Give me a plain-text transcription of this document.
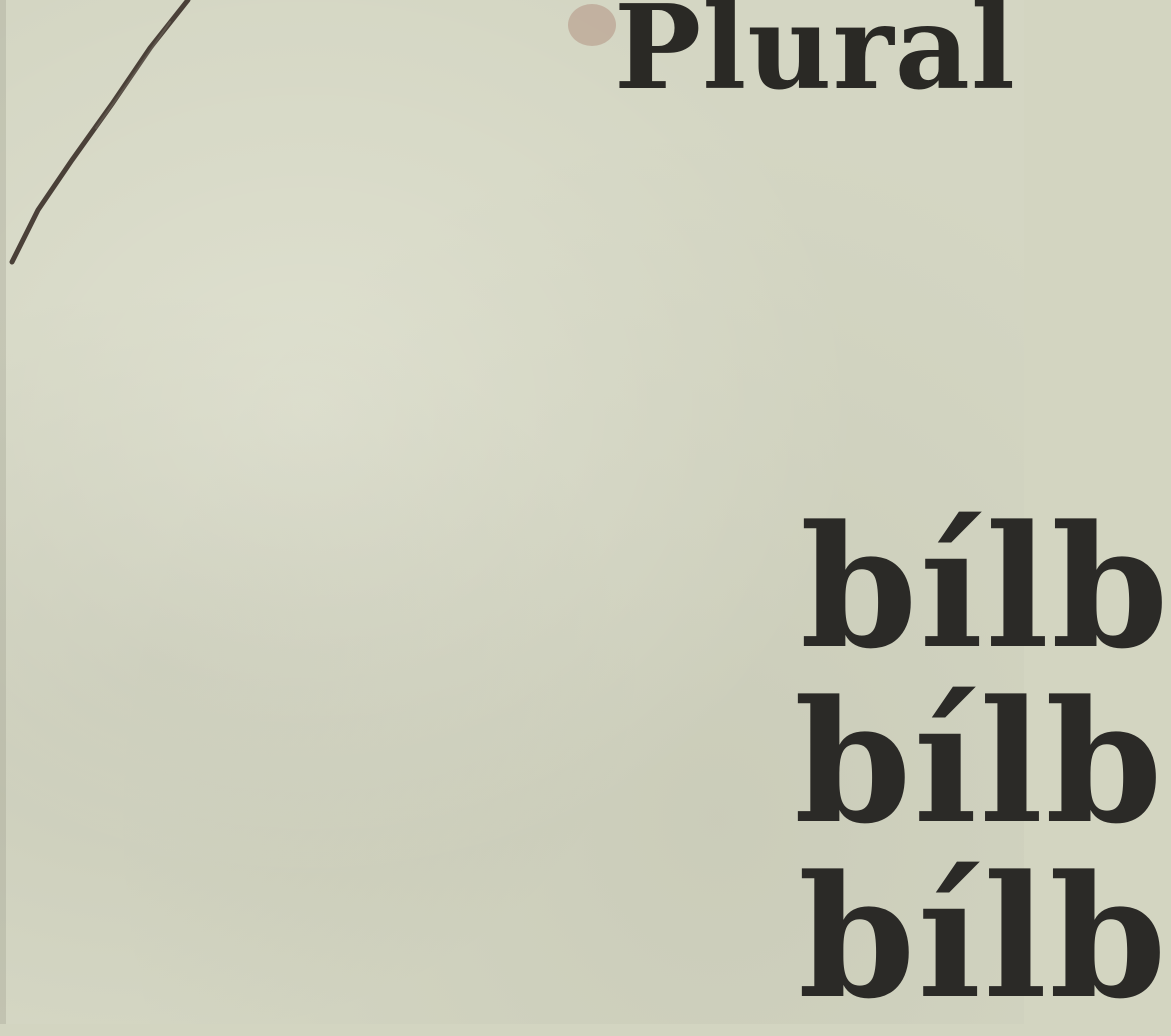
Plural
bílb
bílb
bílb
